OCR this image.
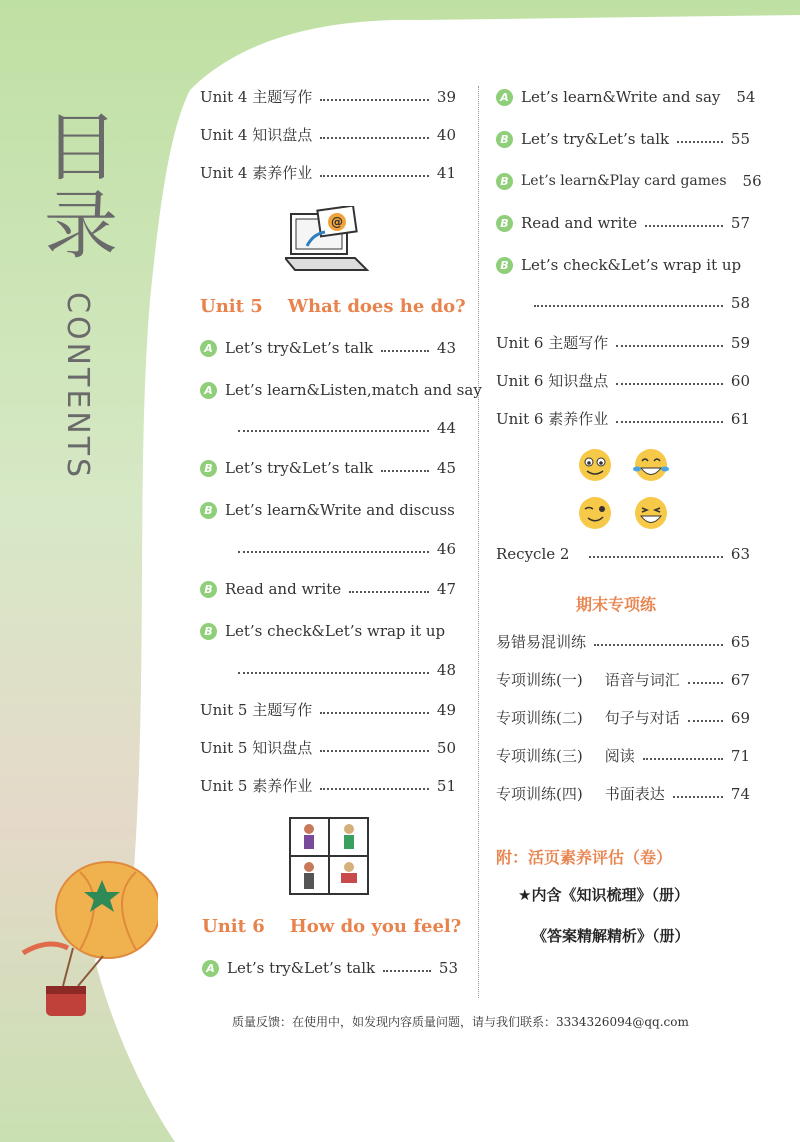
@
目录
CONTENTS
Unit 4 主题写作	39
Unit 4 知识盘点	40
Unit 4 素养作业	41
Unit 5    What does he do?
A Let’s try&Let’s talk	43
A Let’s learn&Listen,match and say
44
B Let’s try&Let’s talk	45
B Let’s learn&Write and discuss
46
B Read and write	47
B Let’s check&Let’s wrap it up
48
Unit 5 主题写作	49
Unit 5 知识盘点	50
Unit 5 素养作业	51
Unit 6    How do you feel?
A Let’s try&Let’s talk	53
A Let’s learn&Write and say 54
B Let’s try&Let’s talk	55
B Let’s learn&Play card games 56
B Read and write	57
B Let’s check&Let’s wrap it up
58
Unit 6 主题写作	59
Unit 6 知识盘点	60
Unit 6 素养作业	61
Recycle 2	63
期末专项练
易错易混训练	65
专项训练(一) 语音与词汇	67
专项训练(二) 句子与对话	69
专项训练(三) 阅读	71
专项训练(四) 书面表达	74
附：活页素养评估（卷）
★内含《知识梳理》（册）
《答案精解精析》（册）
质量反馈：在使用中，如发现内容质量问题，请与我们联系：3334326094@qq.com
